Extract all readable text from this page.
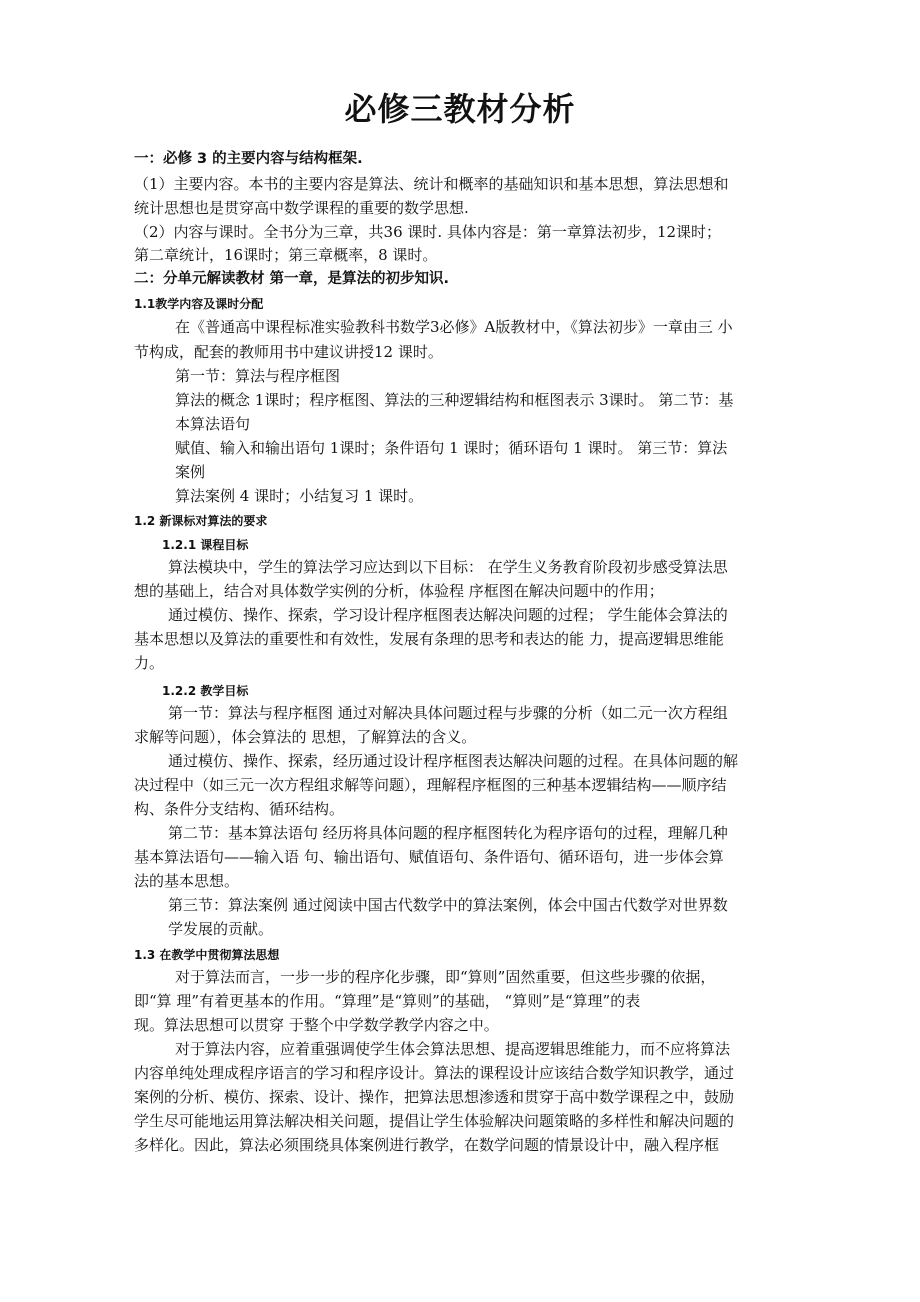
必修三教材分析
一：必修 3 的主要内容与结构框架.
（1）主要内容。本书的主要内容是算法、统计和概率的基础知识和基本思想，算法思想和
统计思想也是贯穿高中数学课程的重要的数学思想.
（2）内容与课时。全书分为三章，共36 课时. 具体内容是：第一章算法初步，12课时；
第二章统计，16课时；第三章概率，8 课时。
二：分单元解读教材 第一章，是算法的初步知识.
1.1教学内容及课时分配
在《普通高中课程标准实验教科书数学3必修》A版教材中，《算法初步》一章由三 小
节构成，配套的教师用书中建议讲授12 课时。
第一节：算法与程序框图
算法的概念 1课时；程序框图、算法的三种逻辑结构和框图表示 3课时。 第二节：基
本算法语句
赋值、输入和输出语句 1课时；条件语句 1 课时；循环语句 1 课时。 第三节：算法
案例
算法案例 4 课时；小结复习 1 课时。
1.2 新课标对算法的要求
1.2.1 课程目标
算法模块中，学生的算法学习应达到以下目标： 在学生义务教育阶段初步感受算法思
想的基础上，结合对具体数学实例的分析，体验程 序框图在解决问题中的作用；
通过模仿、操作、探索，学习设计程序框图表达解决问题的过程； 学生能体会算法的
基本思想以及算法的重要性和有效性，发展有条理的思考和表达的能 力，提高逻辑思维能
力。
1.2.2 教学目标
第一节：算法与程序框图 通过对解决具体问题过程与步骤的分析（如二元一次方程组
求解等问题），体会算法的 思想，了解算法的含义。
通过模仿、操作、探索，经历通过设计程序框图表达解决问题的过程。在具体问题的解
决过程中（如三元一次方程组求解等问题），理解程序框图的三种基本逻辑结构——顺序结
构、条件分支结构、循环结构。
第二节：基本算法语句 经历将具体问题的程序框图转化为程序语句的过程，理解几种
基本算法语句——输入语 句、输出语句、赋值语句、条件语句、循环语句，进一步体会算
法的基本思想。
第三节：算法案例 通过阅读中国古代数学中的算法案例，体会中国古代数学对世界数
学发展的贡献。
1.3 在教学中贯彻算法思想
对于算法而言，一步一步的程序化步骤，即“算则”固然重要，但这些步骤的依据，
即“算 理”有着更基本的作用。“算理”是“算则”的基础， “算则”是“算理”的表
现。算法思想可以贯穿 于整个中学数学教学内容之中。
对于算法内容，应着重强调使学生体会算法思想、提高逻辑思维能力，而不应将算法
内容单纯处理成程序语言的学习和程序设计。算法的课程设计应该结合数学知识教学，通过
案例的分析、模仿、探索、设计、操作，把算法思想渗透和贯穿于高中数学课程之中，鼓励
学生尽可能地运用算法解决相关问题，提倡让学生体验解决问题策略的多样性和解决问题的
多样化。因此，算法必须围绕具体案例进行教学，在数学问题的情景设计中，融入程序框
